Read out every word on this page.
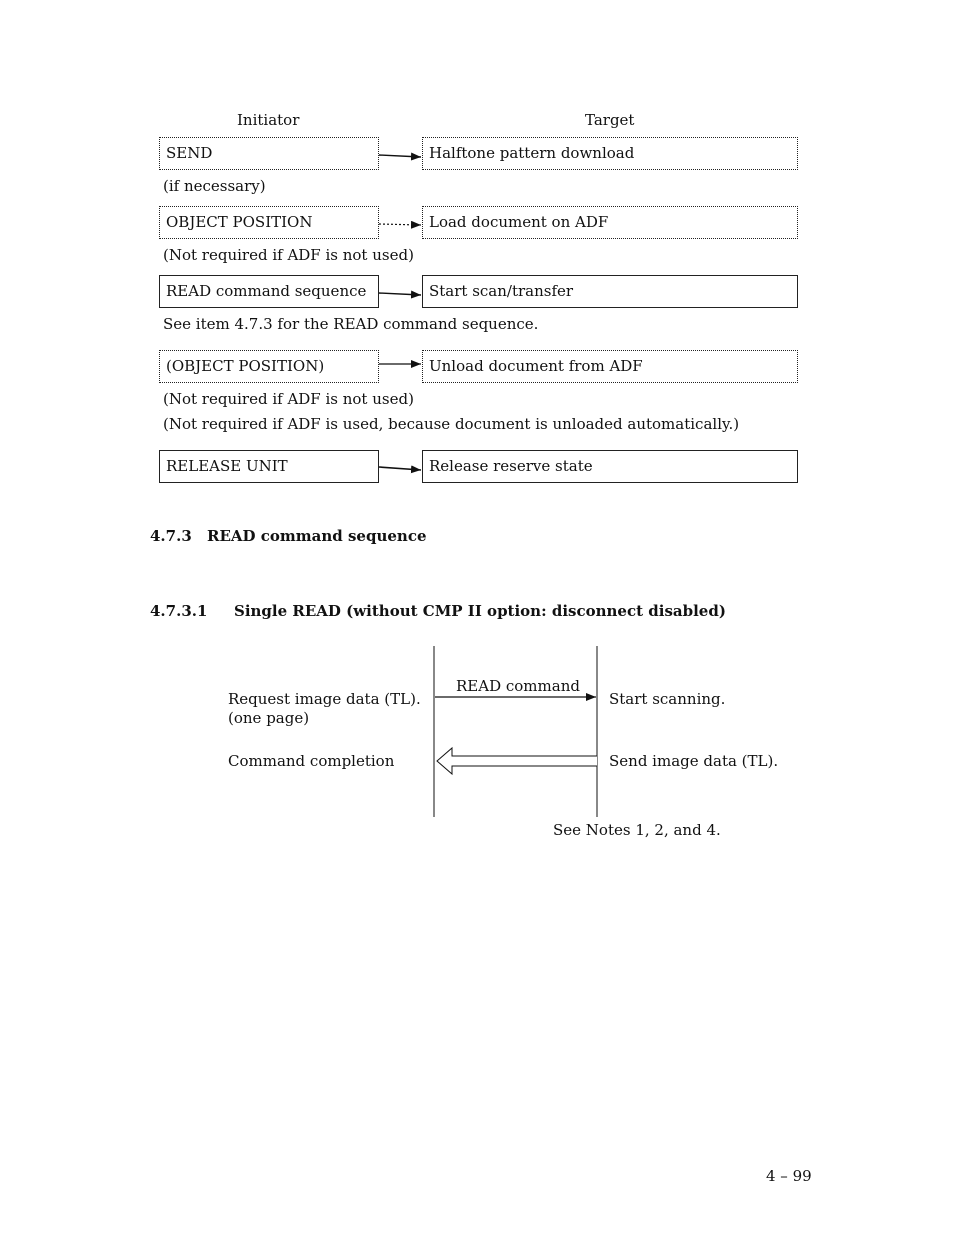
Initiator	Target
SEND	Halftone pattern download
(if necessary)
OBJECT POSITION	Load document on ADF
(Not required if ADF is not used)
READ command sequence	Start scan/transfer
See item 4.7.3 for the READ command sequence.
(OBJECT POSITION)	Unload document from ADF
(Not required if ADF is not used)
(Not required if ADF is used, because document is unloaded automatically.)
RELEASE UNIT	Release reserve state
4.7.3 READ command sequence
4.7.3.1 Single READ (without CMP II option: disconnect disabled)
Request image data (TL).
(one page)
Command completion
READ command
Start scanning.
Send image data (TL).
See Notes 1, 2, and 4.
4 – 99
